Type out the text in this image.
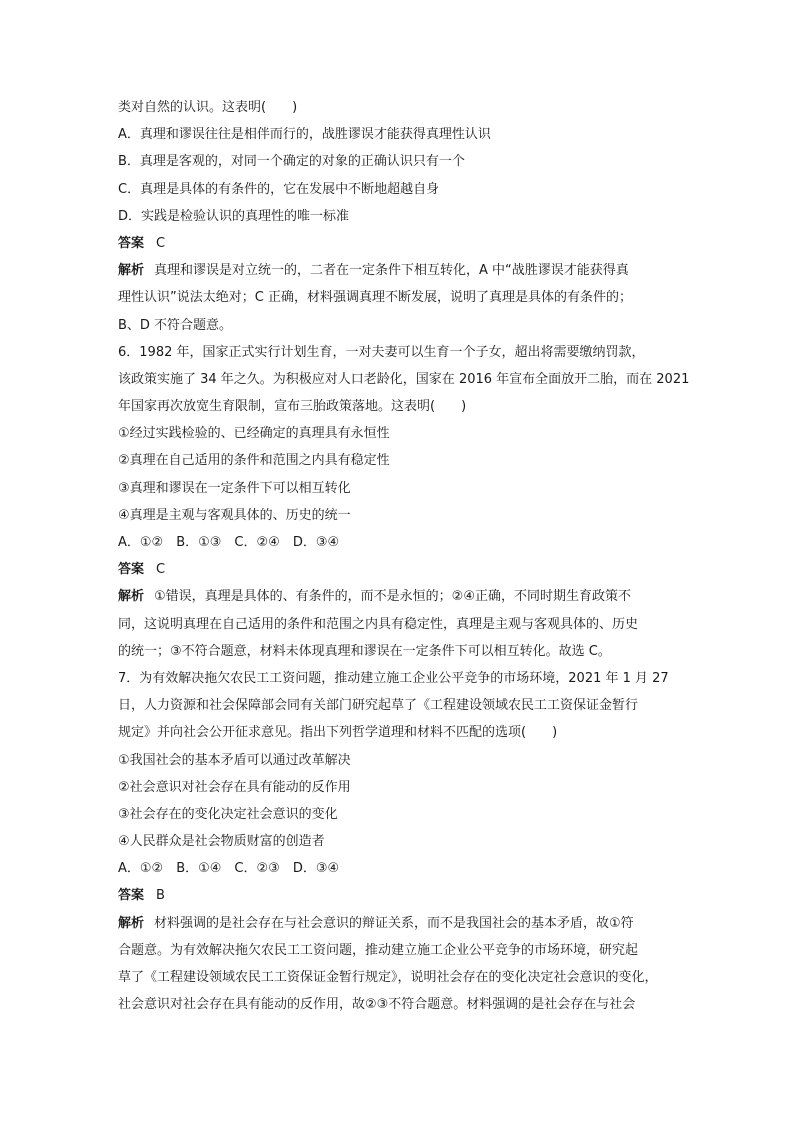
类对自然的认识。这表明(　　)
A．真理和谬误往往是相伴而行的，战胜谬误才能获得真理性认识
B．真理是客观的，对同一个确定的对象的正确认识只有一个
C．真理是具体的有条件的，它在发展中不断地超越自身
D．实践是检验认识的真理性的唯一标准
答案 C
解析 真理和谬误是对立统一的，二者在一定条件下相互转化，A 中“战胜谬误才能获得真
理性认识”说法太绝对；C 正确，材料强调真理不断发展，说明了真理是具体的有条件的；
B、D 不符合题意。
6．1982 年，国家正式实行计划生育，一对夫妻可以生育一个子女，超出将需要缴纳罚款，
该政策实施了 34 年之久。为积极应对人口老龄化，国家在 2016 年宣布全面放开二胎，而在 2021
年国家再次放宽生育限制，宣布三胎政策落地。这表明(　　)
①经过实践检验的、已经确定的真理具有永恒性
②真理在自己适用的条件和范围之内具有稳定性
③真理和谬误在一定条件下可以相互转化
④真理是主观与客观具体的、历史的统一
A．①②　B．①③　C．②④　D．③④
答案 C
解析 ①错误，真理是具体的、有条件的，而不是永恒的；②④正确，不同时期生育政策不
同，这说明真理在自己适用的条件和范围之内具有稳定性，真理是主观与客观具体的、历史
的统一；③不符合题意，材料未体现真理和谬误在一定条件下可以相互转化。故选 C。
7．为有效解决拖欠农民工工资问题，推动建立施工企业公平竞争的市场环境，2021 年 1 月 27
日，人力资源和社会保障部会同有关部门研究起草了《工程建设领域农民工工资保证金暂行
规定》并向社会公开征求意见。指出下列哲学道理和材料不匹配的选项(　　)
①我国社会的基本矛盾可以通过改革解决
②社会意识对社会存在具有能动的反作用
③社会存在的变化决定社会意识的变化
④人民群众是社会物质财富的创造者
A．①②　B．①④　C．②③　D．③④
答案 B
解析 材料强调的是社会存在与社会意识的辩证关系，而不是我国社会的基本矛盾，故①符
合题意。为有效解决拖欠农民工工资问题，推动建立施工企业公平竞争的市场环境，研究起
草了《工程建设领域农民工工资保证金暂行规定》，说明社会存在的变化决定社会意识的变化，
社会意识对社会存在具有能动的反作用，故②③不符合题意。材料强调的是社会存在与社会
